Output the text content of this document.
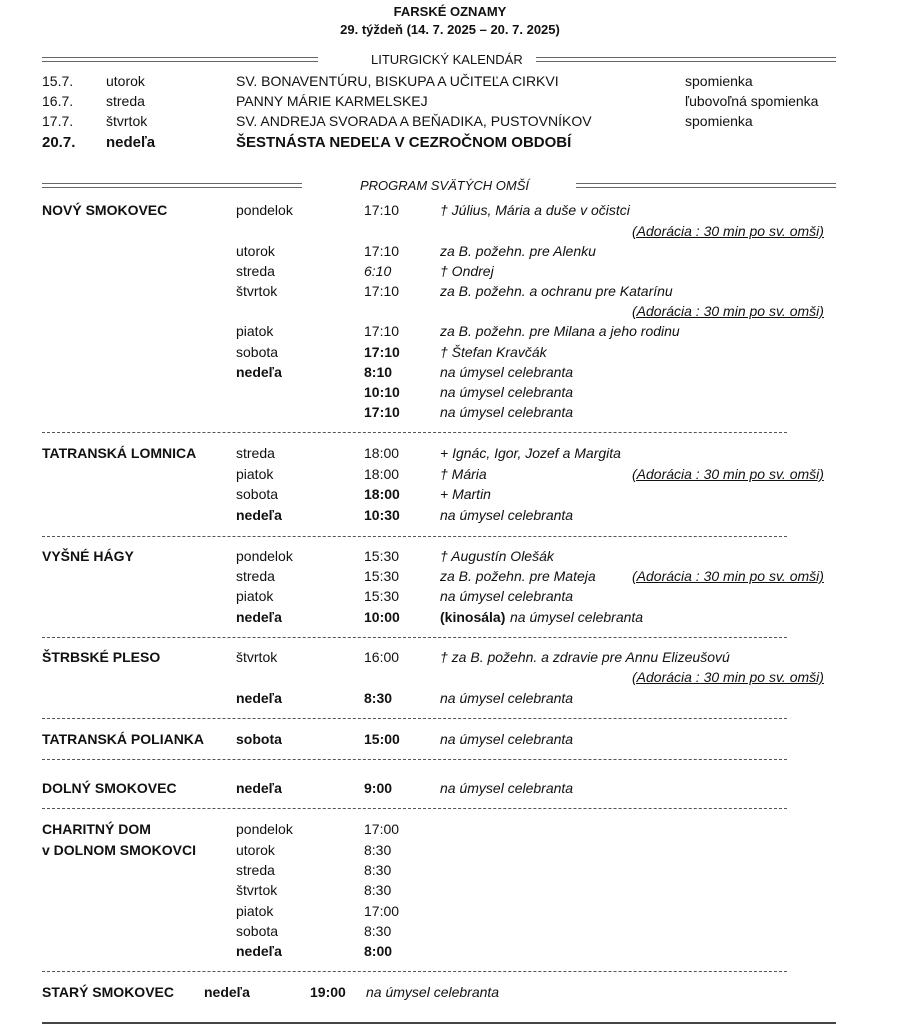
FARSKÉ OZNAMY
29. týždeň (14. 7. 2025 – 20. 7. 2025)
LITURGICKÝ KALENDÁR
15.7. utorok	SV. BONAVENTÚRU, BISKUPA A UČITEĽA CIRKVI	spomienka
16.7. streda	PANNY MÁRIE KARMELSKEJ	ľubovoľná spomienka
17.7. štvrtok	SV. ANDREJA SVORADA A BEŇADIKA, PUSTOVNÍKOV	spomienka
20.7. nedeľa	ŠESTNÁSTA NEDEĽA V CEZROČNOM OBDOBÍ
PROGRAM SVÄTÝCH OMŠÍ
NOVÝ SMOKOVEC	pondelok	17:10	† Július, Mária a duše v očistci
(Adorácia : 30 min po sv. omši)
utorok	17:10	za B. požehn. pre Alenku
streda	6:10	† Ondrej
štvrtok	17:10	za B. požehn. a ochranu pre Katarínu
(Adorácia : 30 min po sv. omši)
piatok	17:10	za B. požehn. pre Milana a jeho rodinu
sobota	17:10	† Štefan Kravčák
nedeľa	8:10	na úmysel celebranta
10:10	na úmysel celebranta
17:10	na úmysel celebranta
TATRANSKÁ LOMNICA	streda	18:00	+ Ignác, Igor, Jozef a Margita
piatok	18:00	† Mária	(Adorácia : 30 min po sv. omši)
sobota	18:00	+ Martin
nedeľa	10:30	na úmysel celebranta
VYŠNÉ HÁGY	pondelok	15:30	† Augustín Olešák
streda	15:30	za B. požehn. pre Mateja	(Adorácia : 30 min po sv. omši)
piatok	15:30	na úmysel celebranta
nedeľa	10:00	(kinosála) na úmysel celebranta
ŠTRBSKÉ PLESO	štvrtok	16:00	† za B. požehn. a zdravie pre Annu Elizeušovú
(Adorácia : 30 min po sv. omši)
nedeľa	8:30	na úmysel celebranta
TATRANSKÁ POLIANKA sobota	15:00	na úmysel celebranta
DOLNÝ SMOKOVEC	nedeľa	9:00	na úmysel celebranta
CHARITNÝ DOM	pondelok	17:00
v DOLNOM SMOKOVCI	utorok	8:30
streda	8:30
štvrtok	8:30
piatok	17:00
sobota	8:30
nedeľa	8:00
STARÝ SMOKOVEC nedeľa	19:00 na úmysel celebranta
